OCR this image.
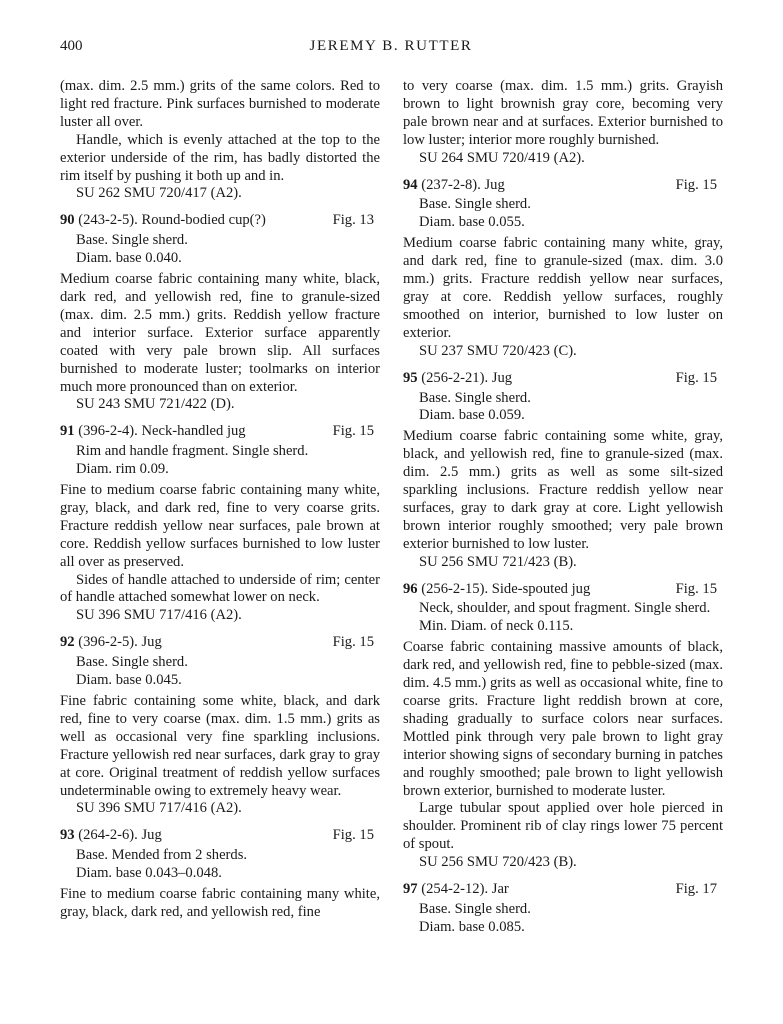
400	JEREMY B. RUTTER

(max. dim. 2.5 mm.) grits of the same colors. Red to light red fracture. Pink surfaces burnished to moderate luster all over.

Handle, which is evenly attached at the top to the exterior underside of the rim, has badly distorted the rim itself by pushing it both up and in.

SU 262 SMU 720/417 (A2).

90 (243-2-5). Round-bodied cup(?)	Fig. 13

Base. Single sherd.

Diam. base 0.040.

Medium coarse fabric containing many white, black, dark red, and yellowish red, fine to granule-sized (max. dim. 2.5 mm.) grits. Reddish yellow fracture and interior surface. Exterior surface apparently coated with very pale brown slip. All surfaces burnished to moderate luster; toolmarks on interior much more pronounced than on exterior.

SU 243 SMU 721/422 (D).

91 (396-2-4). Neck-handled jug	Fig. 15

Rim and handle fragment. Single sherd.

Diam. rim 0.09.

Fine to medium coarse fabric containing many white, gray, black, and dark red, fine to very coarse grits. Fracture reddish yellow near surfaces, pale brown at core. Reddish yellow surfaces burnished to low luster all over as preserved.

Sides of handle attached to underside of rim; center of handle attached somewhat lower on neck.

SU 396 SMU 717/416 (A2).

92 (396-2-5). Jug	Fig. 15

Base. Single sherd.

Diam. base 0.045.

Fine fabric containing some white, black, and dark red, fine to very coarse (max. dim. 1.5 mm.) grits as well as occasional very fine sparkling inclusions. Fracture yellowish red near surfaces, dark gray to gray at core. Original treatment of reddish yellow surfaces undeterminable owing to extremely heavy wear.

SU 396 SMU 717/416 (A2).

93 (264-2-6). Jug	Fig. 15

Base. Mended from 2 sherds.

Diam. base 0.043–0.048.

Fine to medium coarse fabric containing many white, gray, black, dark red, and yellowish red, fine

to very coarse (max. dim. 1.5 mm.) grits. Grayish brown to light brownish gray core, becoming very pale brown near and at surfaces. Exterior burnished to low luster; interior more roughly burnished.

SU 264 SMU 720/419 (A2).

94 (237-2-8). Jug	Fig. 15

Base. Single sherd.

Diam. base 0.055.

Medium coarse fabric containing many white, gray, and dark red, fine to granule-sized (max. dim. 3.0 mm.) grits. Fracture reddish yellow near surfaces, gray at core. Reddish yellow surfaces, roughly smoothed on interior, burnished to low luster on exterior.

SU 237 SMU 720/423 (C).

95 (256-2-21). Jug	Fig. 15

Base. Single sherd.

Diam. base 0.059.

Medium coarse fabric containing some white, gray, black, and yellowish red, fine to granule-sized (max. dim. 2.5 mm.) grits as well as some silt-sized sparkling inclusions. Fracture reddish yellow near surfaces, gray to dark gray at core. Light yellowish brown interior roughly smoothed; very pale brown exterior burnished to low luster.

SU 256 SMU 721/423 (B).

96 (256-2-15). Side-spouted jug	Fig. 15

Neck, shoulder, and spout fragment. Single sherd.

Min. Diam. of neck 0.115.

Coarse fabric containing massive amounts of black, dark red, and yellowish red, fine to pebble-sized (max. dim. 4.5 mm.) grits as well as occasional white, fine to coarse grits. Fracture light reddish brown at core, shading gradually to surface colors near surfaces. Mottled pink through very pale brown to light gray interior showing signs of secondary burning in patches and roughly smoothed; pale brown to light yellowish brown exterior, burnished to moderate luster.

Large tubular spout applied over hole pierced in shoulder. Prominent rib of clay rings lower 75 percent of spout.

SU 256 SMU 720/423 (B).

97 (254-2-12). Jar	Fig. 17

Base. Single sherd.

Diam. base 0.085.
